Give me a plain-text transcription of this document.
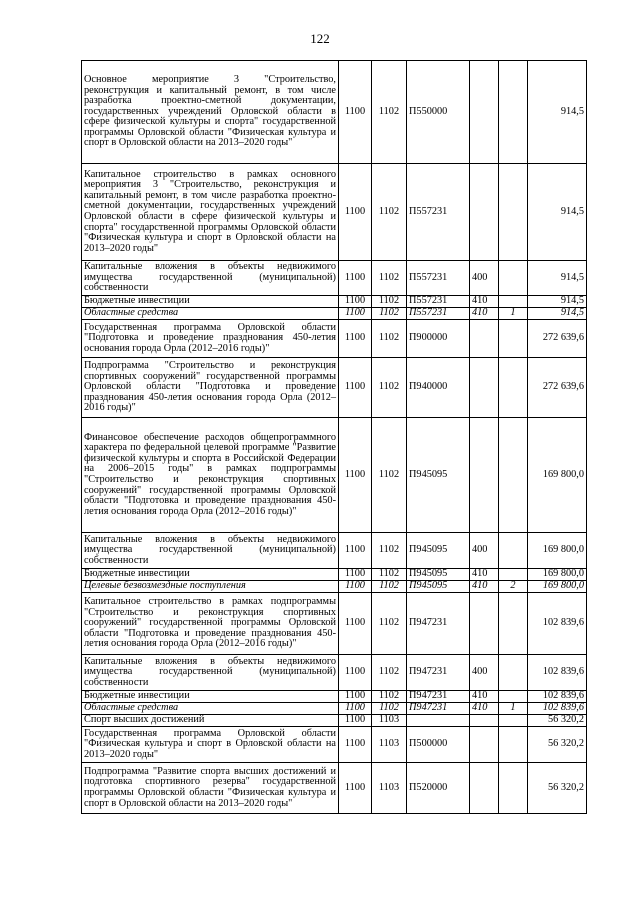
122
Основное мероприятие 3 "Строительство, реконструкция и капитальный ремонт, в том числе разработка проектно-сметной документации, государственных учреждений Орловской области в сфере физической культуры и спорта" государственной программы Орловской области "Физическая культура и спорт в Орловской области на 2013–2020 годы"	1100	1102	П550000			914,5
Капитальное строительство в рамках основного мероприятия 3 "Строительство, реконструкция и капитальный ремонт, в том числе разработка проектно-сметной документации, государственных учреждений Орловской области в сфере физической культуры и спорта" государственной программы Орловской области "Физическая культура и спорт в Орловской области на 2013–2020 годы"	1100	1102	П557231			914,5
Капитальные вложения в объекты недвижимого имущества государственной (муниципальной) собственности	1100	1102	П557231	400		914,5
Бюджетные инвестиции	1100	1102	П557231	410		914,5
Областные средства	1100	1102	П557231	410	1	914,5
Государственная программа Орловской области "Подготовка и проведение празднования 450-летия основания города Орла (2012–2016 годы)"	1100	1102	П900000			272 639,6
Подпрограмма "Строительство и реконструкция спортивных сооружений" государственной программы Орловской области "Подготовка и проведение празднования 450-летия основания города Орла (2012–2016 годы)"	1100	1102	П940000			272 639,6
Финансовое обеспечение расходов общепрограммного характера по федеральной целевой программе "Развитие физической культуры и спорта в Российской Федерации на 2006–2015 годы" в рамках подпрограммы "Строительство и реконструкция спортивных сооружений" государственной программы Орловской области "Подготовка и проведение празднования 450-летия основания города Орла (2012–2016 годы)"	1100	1102	П945095			169 800,0
Капитальные вложения в объекты недвижимого имущества государственной (муниципальной) собственности	1100	1102	П945095	400		169 800,0
Бюджетные инвестиции	1100	1102	П945095	410		169 800,0
Целевые безвозмездные поступления	1100	1102	П945095	410	2	169 800,0
Капитальное строительство в рамках подпрограммы "Строительство и реконструкция спортивных сооружений" государственной программы Орловской области "Подготовка и проведение празднования 450-летия основания города Орла (2012–2016 годы)"	1100	1102	П947231			102 839,6
Капитальные вложения в объекты недвижимого имущества государственной (муниципальной) собственности	1100	1102	П947231	400		102 839,6
Бюджетные инвестиции	1100	1102	П947231	410		102 839,6
Областные средства	1100	1102	П947231	410	1	102 839,6
Спорт высших достижений	1100	1103				56 320,2
Государственная программа Орловской области "Физическая культура и спорт в Орловской области на 2013–2020 годы"	1100	1103	П500000			56 320,2
Подпрограмма "Развитие спорта высших достижений и подготовка спортивного резерва" государственной программы Орловской области "Физическая культура и спорт в Орловской области на 2013–2020 годы"	1100	1103	П520000			56 320,2
